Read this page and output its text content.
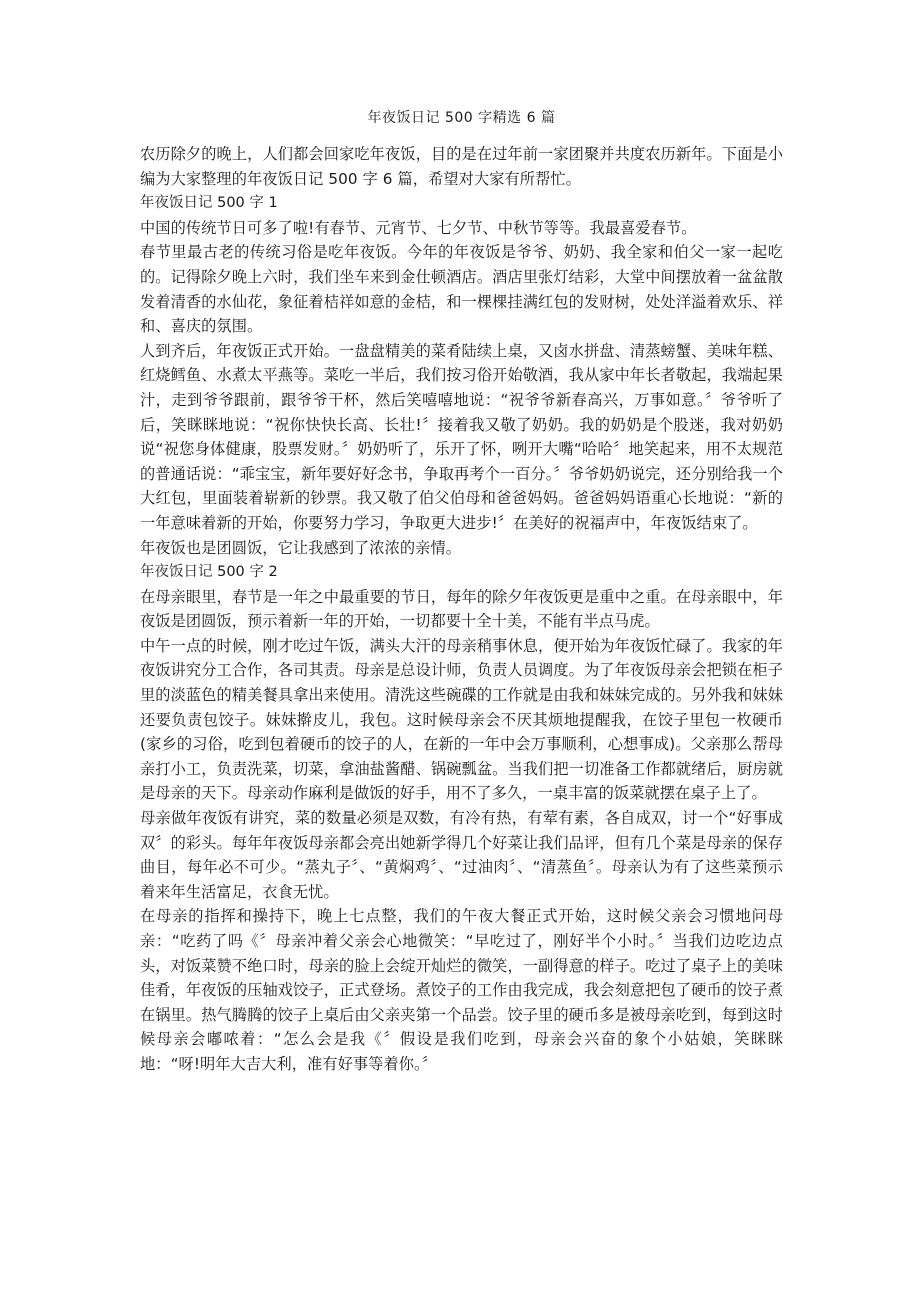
年夜饭日记 500 字精选 6 篇

农历除夕的晚上，人们都会回家吃年夜饭，目的是在过年前一家团聚并共度农历新年。下面是小编为大家整理的年夜饭日记 500 字 6 篇，希望对大家有所帮忙。

年夜饭日记 500 字 1

中国的传统节日可多了啦!有春节、元宵节、七夕节、中秋节等等。我最喜爱春节。

春节里最古老的传统习俗是吃年夜饭。今年的年夜饭是爷爷、奶奶、我全家和伯父一家一起吃的。记得除夕晚上六时，我们坐车来到金仕顿酒店。酒店里张灯结彩，大堂中间摆放着一盆盆散发着清香的水仙花，象征着桔祥如意的金桔，和一棵棵挂满红包的发财树，处处洋溢着欢乐、祥和、喜庆的氛围。

人到齐后，年夜饭正式开始。一盘盘精美的菜肴陆续上桌，又卤水拼盘、清蒸螃蟹、美味年糕、红烧鳕鱼、水煮太平燕等。菜吃一半后，我们按习俗开始敬酒，我从家中年长者敬起，我端起果汁，走到爷爷跟前，跟爷爷干杯，然后笑嘻嘻地说：“祝爷爷新春高兴，万事如意。〞爷爷听了后，笑眯眯地说：“祝你快快长高、长壮!〞接着我又敬了奶奶。我的奶奶是个股迷，我对奶奶说“祝您身体健康，股票发财。〞奶奶听了，乐开了怀，咧开大嘴“哈哈〞地笑起来，用不太规范的普通话说：“乖宝宝，新年要好好念书，争取再考个一百分。〞爷爷奶奶说完，还分别给我一个大红包，里面装着崭新的钞票。我又敬了伯父伯母和爸爸妈妈。爸爸妈妈语重心长地说：“新的一年意味着新的开始，你要努力学习，争取更大进步!〞在美好的祝福声中，年夜饭结束了。

年夜饭也是团圆饭，它让我感到了浓浓的亲情。

年夜饭日记 500 字 2

在母亲眼里，春节是一年之中最重要的节日，每年的除夕年夜饭更是重中之重。在母亲眼中，年夜饭是团圆饭，预示着新一年的开始，一切都要十全十美，不能有半点马虎。

中午一点的时候，刚才吃过午饭，满头大汗的母亲稍事休息，便开始为年夜饭忙碌了。我家的年夜饭讲究分工合作，各司其责。母亲是总设计师，负责人员调度。为了年夜饭母亲会把锁在柜子里的淡蓝色的精美餐具拿出来使用。清洗这些碗碟的工作就是由我和妹妹完成的。另外我和妹妹还要负责包饺子。妹妹擀皮儿，我包。这时候母亲会不厌其烦地提醒我，在饺子里包一枚硬币(家乡的习俗，吃到包着硬币的饺子的人，在新的一年中会万事顺利，心想事成)。父亲那么帮母亲打小工，负责洗菜，切菜，拿油盐酱醋、锅碗瓢盆。当我们把一切准备工作都就绪后，厨房就是母亲的天下。母亲动作麻利是做饭的好手，用不了多久，一桌丰富的饭菜就摆在桌子上了。

母亲做年夜饭有讲究，菜的数量必须是双数，有冷有热，有荤有素，各自成双，讨一个“好事成双〞的彩头。每年年夜饭母亲都会亮出她新学得几个好菜让我们品评，但有几个菜是母亲的保存曲目，每年必不可少。“蒸丸子〞、“黄焖鸡〞、“过油肉〞、“清蒸鱼〞。母亲认为有了这些菜预示着来年生活富足，衣食无忧。

在母亲的指挥和操持下，晚上七点整，我们的午夜大餐正式开始，这时候父亲会习惯地问母亲：“吃药了吗《〞母亲冲着父亲会心地微笑：“早吃过了，刚好半个小时。〞当我们边吃边点头，对饭菜赞不绝口时，母亲的脸上会绽开灿烂的微笑，一副得意的样子。吃过了桌子上的美味佳肴，年夜饭的压轴戏饺子，正式登场。煮饺子的工作由我完成，我会刻意把包了硬币的饺子煮在锅里。热气腾腾的饺子上桌后由父亲夹第一个品尝。饺子里的硬币多是被母亲吃到，每到这时候母亲会嘟哝着：“怎么会是我《〞假设是我们吃到，母亲会兴奋的象个小姑娘，笑眯眯地：“呀!明年大吉大利，准有好事等着你。〞
